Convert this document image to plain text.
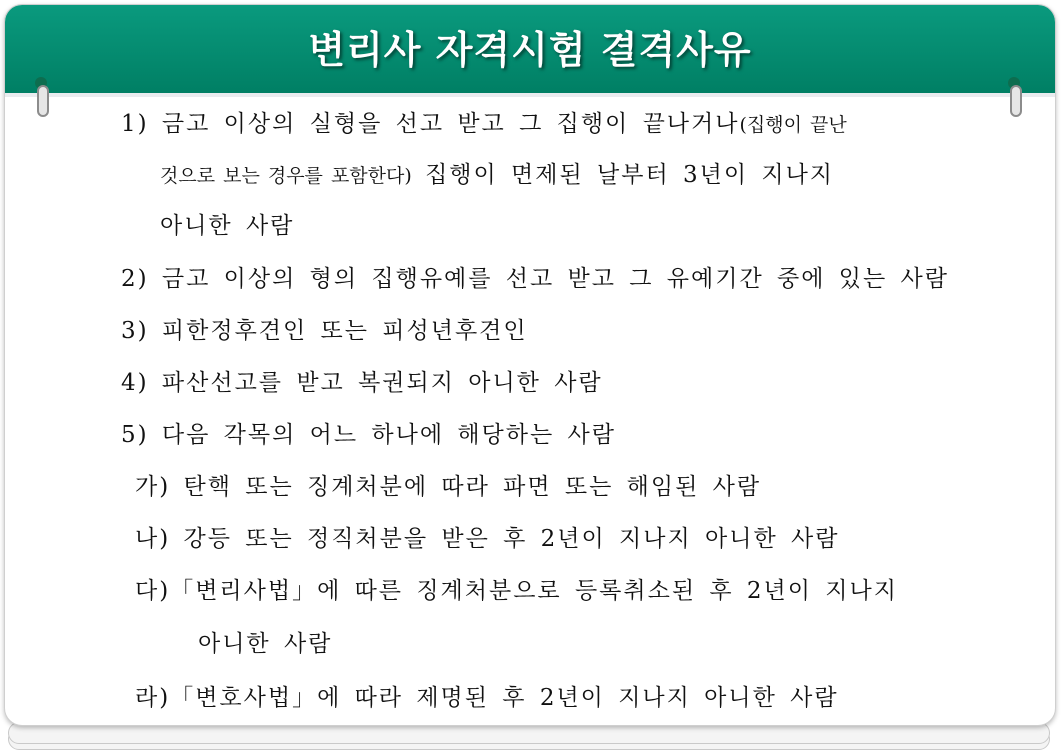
변리사 자격시험 결격사유
1) 금고 이상의 실형을 선고 받고 그 집행이 끝나거나(집행이 끝난
것으로 보는 경우를 포함한다) 집행이 면제된 날부터 3년이 지나지
아니한 사람
2) 금고 이상의 형의 집행유예를 선고 받고 그 유예기간 중에 있는 사람
3) 피한정후견인 또는 피성년후견인
4) 파산선고를 받고 복권되지 아니한 사람
5) 다음 각목의 어느 하나에 해당하는 사람
가) 탄핵 또는 징계처분에 따라 파면 또는 해임된 사람
나) 강등 또는 정직처분을 받은 후 2년이 지나지 아니한 사람
다)「변리사법」에 따른 징계처분으로 등록취소된 후 2년이 지나지
아니한 사람
라)「변호사법」에 따라 제명된 후 2년이 지나지 아니한 사람
